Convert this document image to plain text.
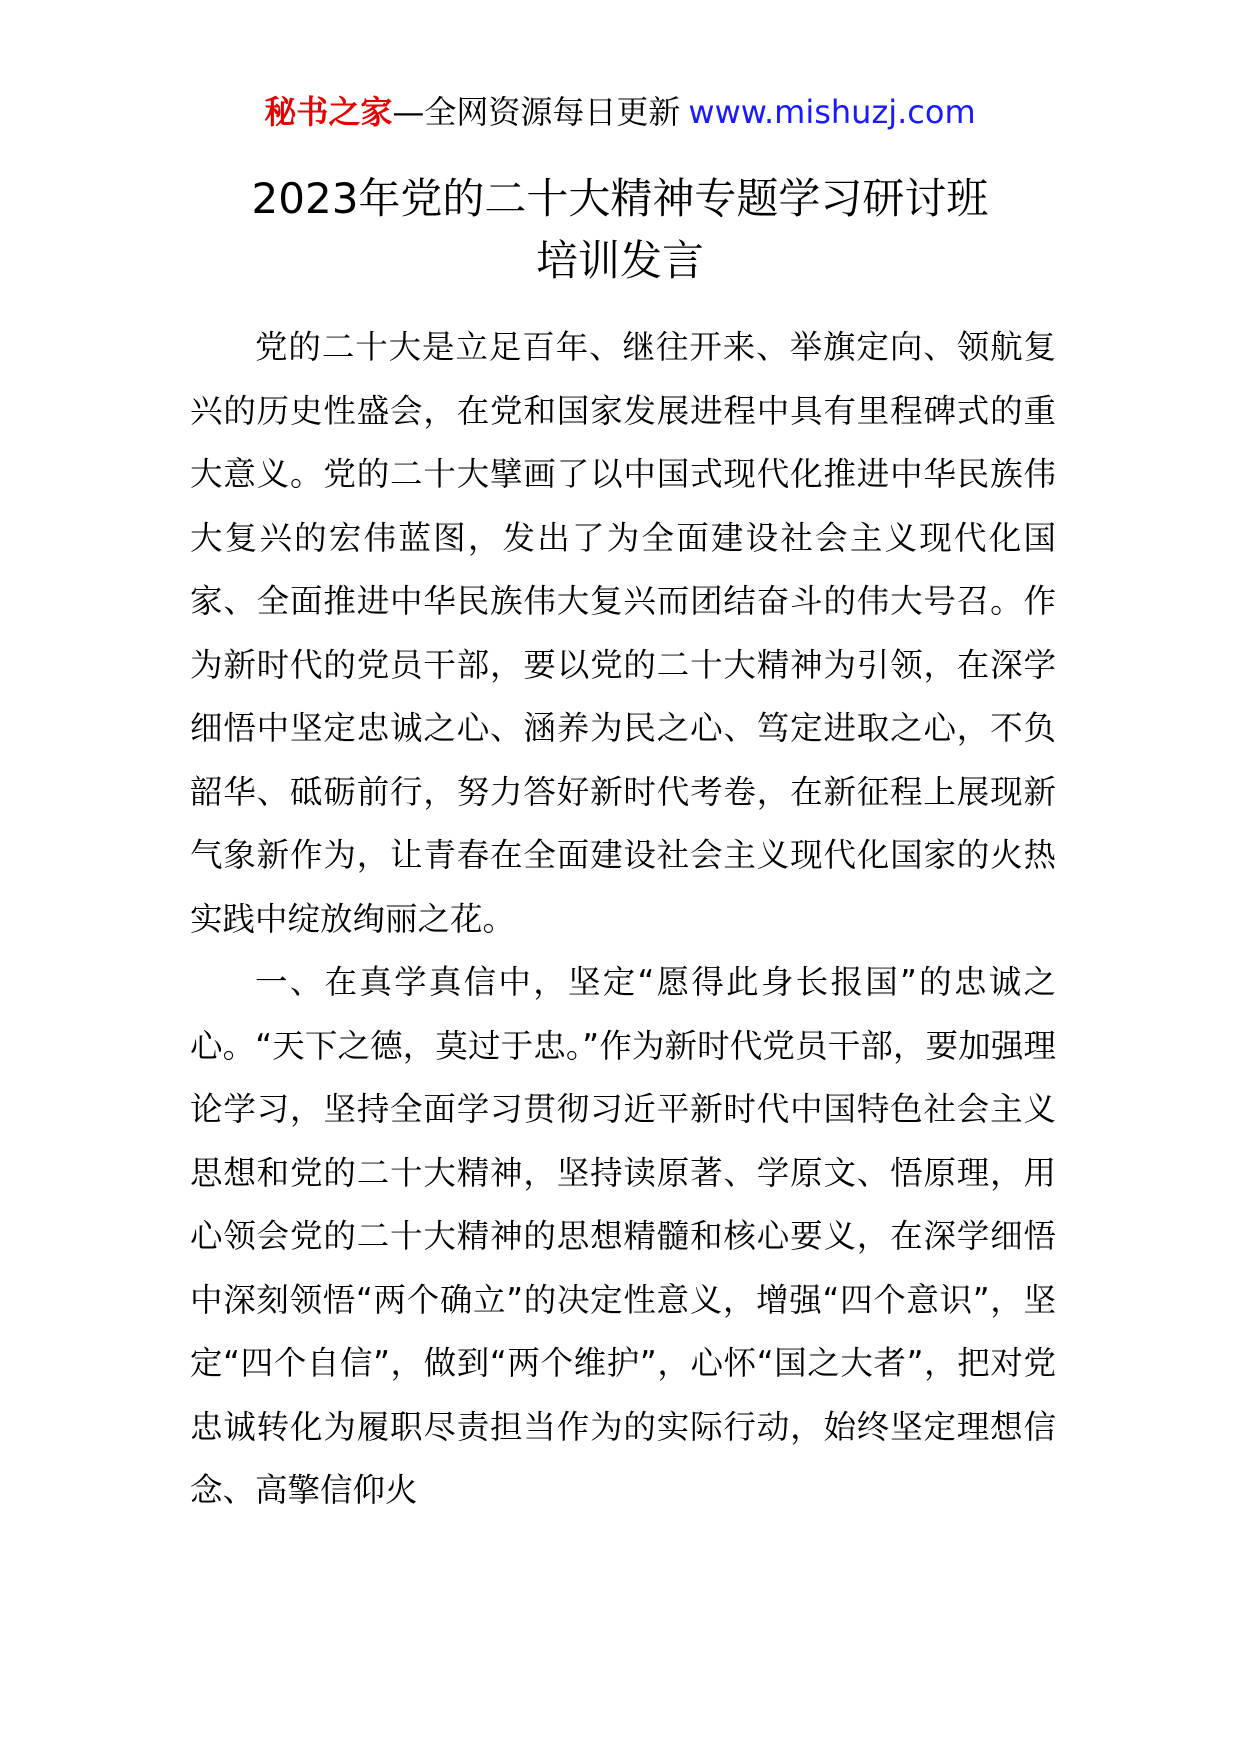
秘书之家—全网资源每日更新 www.mishuzj.com
2023年党的二十大精神专题学习研讨班
培训发言

党的二十大是立足百年、继往开来、举旗定向、领航复兴的历史性盛会，在党和国家发展进程中具有里程碑式的重大意义。党的二十大擘画了以中国式现代化推进中华民族伟大复兴的宏伟蓝图，发出了为全面建设社会主义现代化国家、全面推进中华民族伟大复兴而团结奋斗的伟大号召。作为新时代的党员干部，要以党的二十大精神为引领，在深学细悟中坚定忠诚之心、涵养为民之心、笃定进取之心，不负韶华、砥砺前行，努力答好新时代考卷，在新征程上展现新气象新作为，让青春在全面建设社会主义现代化国家的火热实践中绽放绚丽之花。

一、在真学真信中，坚定“愿得此身长报国”的忠诚之心。“天下之德，莫过于忠。”作为新时代党员干部，要加强理论学习，坚持全面学习贯彻习近平新时代中国特色社会主义思想和党的二十大精神，坚持读原著、学原文、悟原理，用心领会党的二十大精神的思想精髓和核心要义，在深学细悟中深刻领悟“两个确立”的决定性意义，增强“四个意识”，坚定“四个自信”，做到“两个维护”，心怀“国之大者”，把对党忠诚转化为履职尽责担当作为的实际行动，始终坚定理想信念、高擎信仰火
